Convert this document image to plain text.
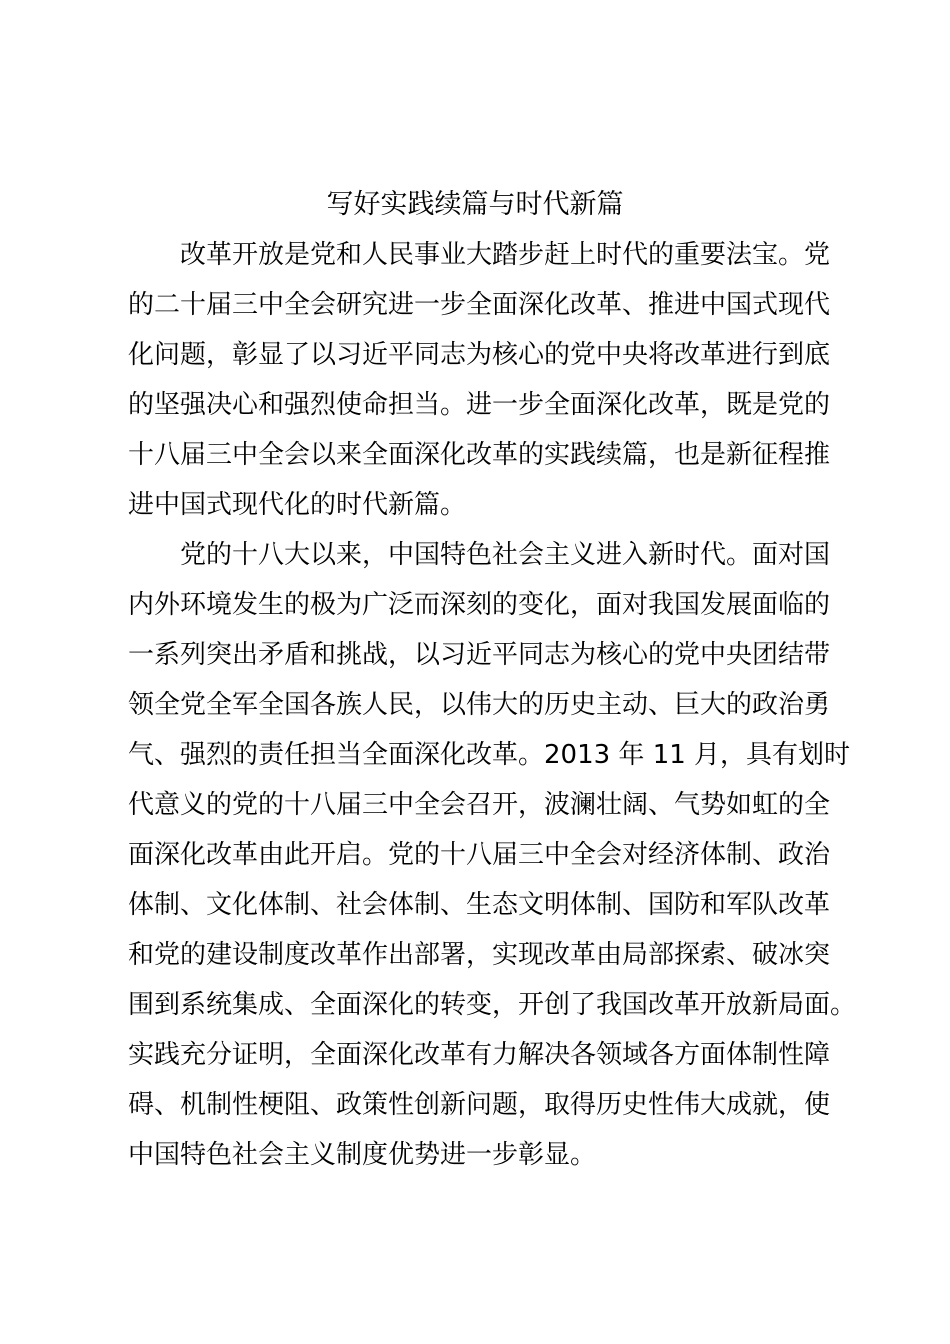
写好实践续篇与时代新篇
改革开放是党和人民事业大踏步赶上时代的重要法宝。党
的二十届三中全会研究进一步全面深化改革、推进中国式现代
化问题，彰显了以习近平同志为核心的党中央将改革进行到底
的坚强决心和强烈使命担当。进一步全面深化改革，既是党的
十八届三中全会以来全面深化改革的实践续篇，也是新征程推
进中国式现代化的时代新篇。
党的十八大以来，中国特色社会主义进入新时代。面对国
内外环境发生的极为广泛而深刻的变化，面对我国发展面临的
一系列突出矛盾和挑战，以习近平同志为核心的党中央团结带
领全党全军全国各族人民，以伟大的历史主动、巨大的政治勇
气、强烈的责任担当全面深化改革。2013 年 11 月，具有划时
代意义的党的十八届三中全会召开，波澜壮阔、气势如虹的全
面深化改革由此开启。党的十八届三中全会对经济体制、政治
体制、文化体制、社会体制、生态文明体制、国防和军队改革
和党的建设制度改革作出部署，实现改革由局部探索、破冰突
围到系统集成、全面深化的转变，开创了我国改革开放新局面。
实践充分证明，全面深化改革有力解决各领域各方面体制性障
碍、机制性梗阻、政策性创新问题，取得历史性伟大成就，使
中国特色社会主义制度优势进一步彰显。
